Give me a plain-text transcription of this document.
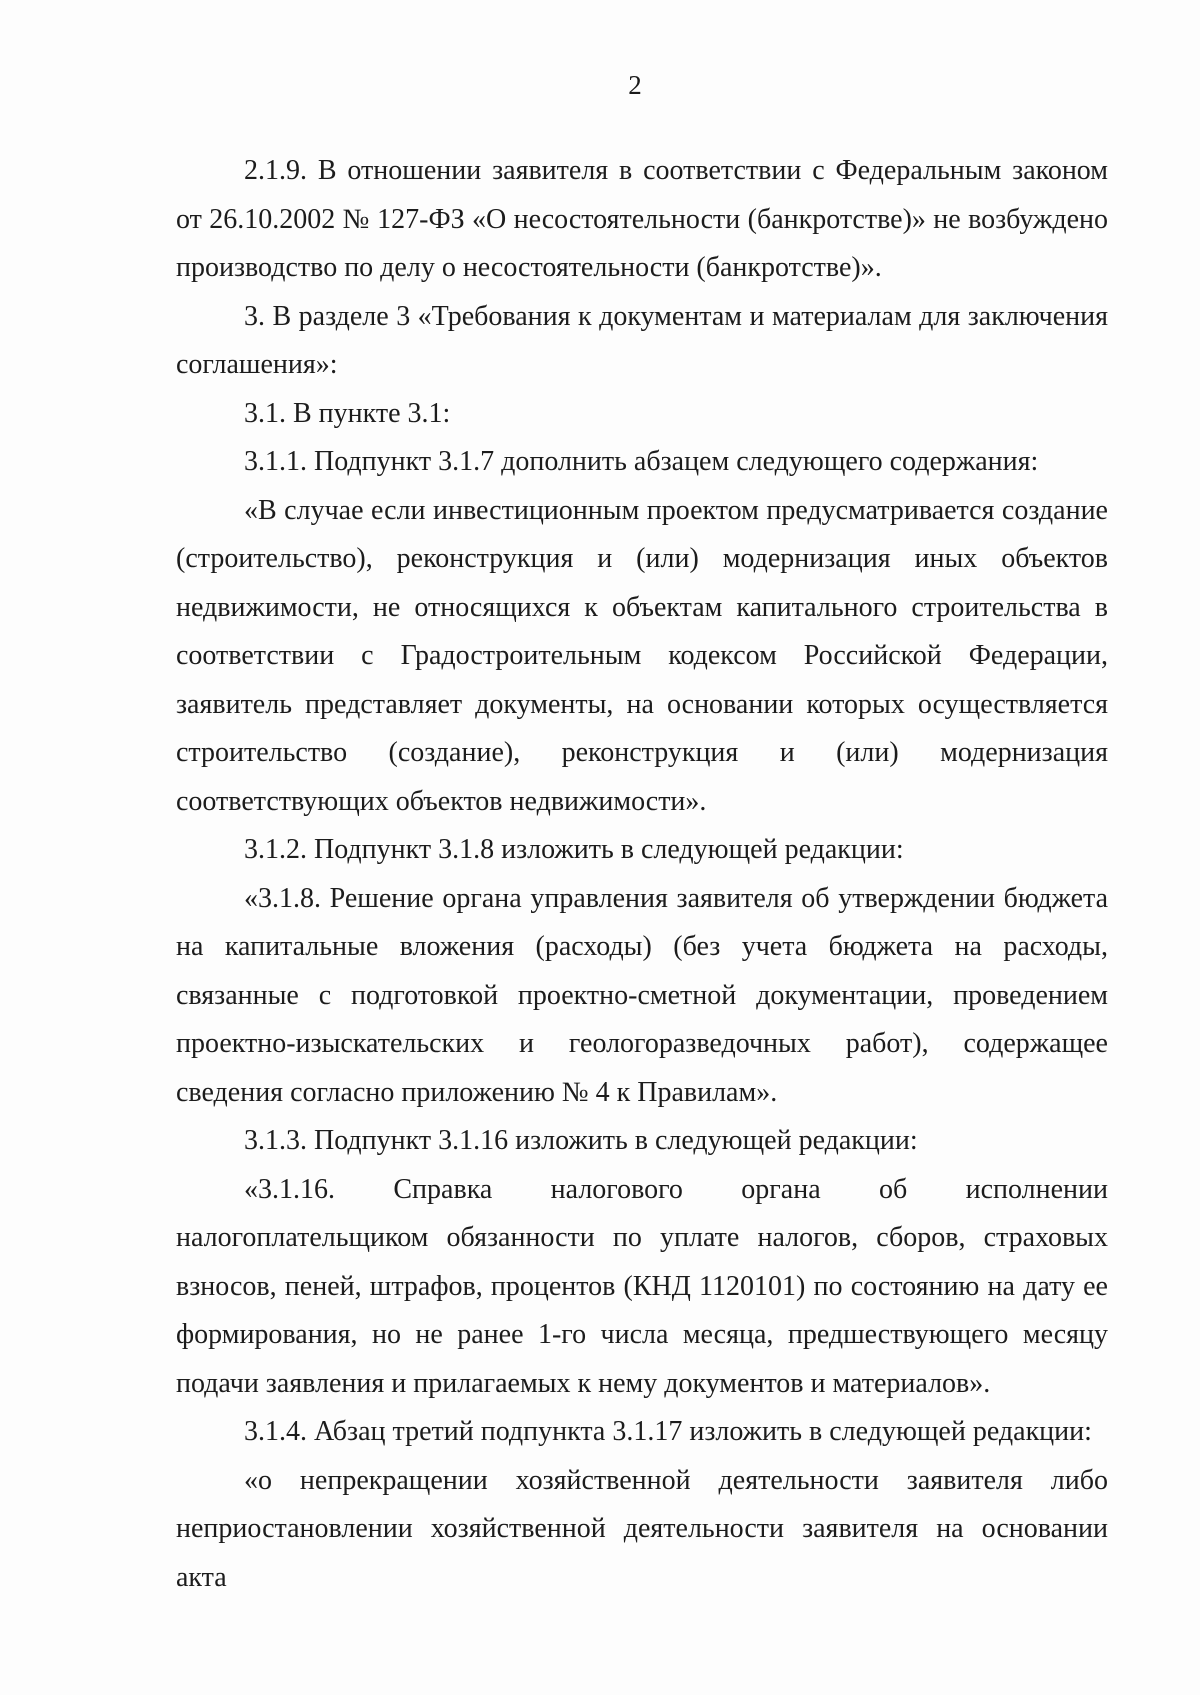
2

2.1.9. В отношении заявителя в соответствии с Федеральным законом от 26.10.2002 № 127-ФЗ «О несостоятельности (банкротстве)» не возбуждено производство по делу о несостоятельности (банкротстве)».

3. В разделе 3 «Требования к документам и материалам для заключения соглашения»:

3.1. В пункте 3.1:

3.1.1. Подпункт 3.1.7 дополнить абзацем следующего содержания:

«В случае если инвестиционным проектом предусматривается создание (строительство), реконструкция и (или) модернизация иных объектов недвижимости, не относящихся к объектам капитального строительства в соответствии с Градостроительным кодексом Российской Федерации, заявитель представляет документы, на основании которых осуществляется строительство (создание), реконструкция и (или) модернизация соответствующих объектов недвижимости».

3.1.2. Подпункт 3.1.8 изложить в следующей редакции:

«3.1.8. Решение органа управления заявителя об утверждении бюджета на капитальные вложения (расходы) (без учета бюджета на расходы, связанные с подготовкой проектно-сметной документации, проведением проектно-изыскательских и геологоразведочных работ), содержащее сведения согласно приложению № 4 к Правилам».

3.1.3. Подпункт 3.1.16 изложить в следующей редакции:

«3.1.16. Справка налогового органа об исполнении налогоплательщиком обязанности по уплате налогов, сборов, страховых взносов, пеней, штрафов, процентов (КНД 1120101) по состоянию на дату ее формирования, но не ранее 1-го числа месяца, предшествующего месяцу подачи заявления и прилагаемых к нему документов и материалов».

3.1.4. Абзац третий подпункта 3.1.17 изложить в следующей редакции:

«о непрекращении хозяйственной деятельности заявителя либо неприостановлении хозяйственной деятельности заявителя на основании акта
